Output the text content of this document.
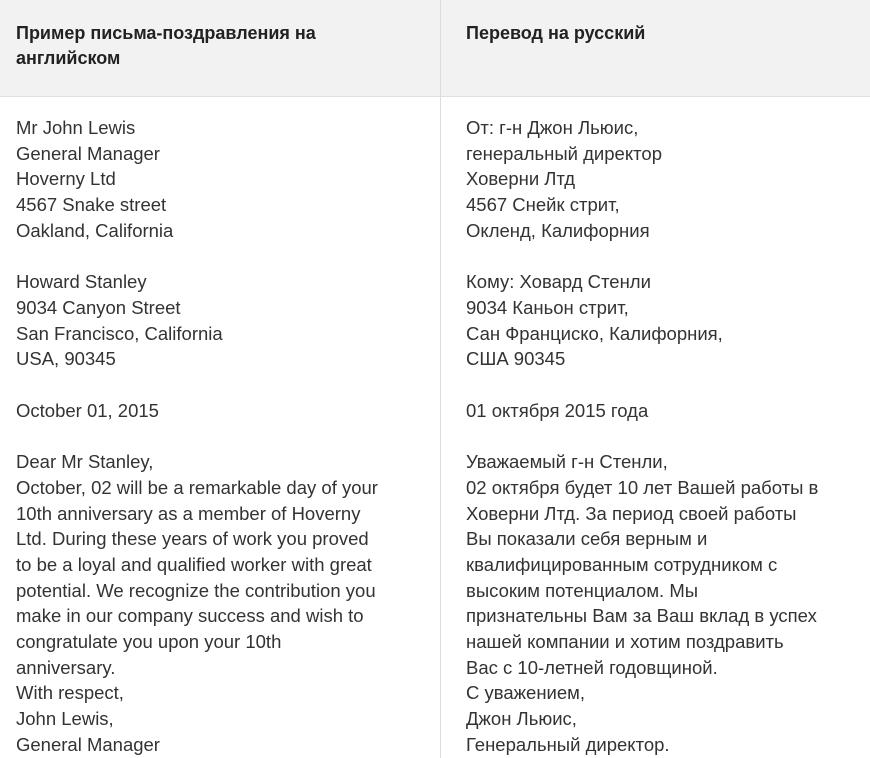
Пример письма-поздравления на английском
Перевод на русский
Mr John Lewis
General Manager
Hoverny Ltd
4567 Snake street
Oakland, California
Howard Stanley
9034 Canyon Street
San Francisco, California
USA, 90345
October 01, 2015
Dear Mr Stanley,
October, 02 will be a remarkable day of your
10th anniversary as a member of Hoverny
Ltd. During these years of work you proved
to be a loyal and qualified worker with great
potential. We recognize the contribution you
make in our company success and wish to
congratulate you upon your 10th
anniversary.
With respect,
John Lewis,
General Manager
От: г-н Джон Льюис,
генеральный директор
Ховерни Лтд
4567 Снейк стрит,
Окленд, Калифорния
Кому: Ховард Стенли
9034 Каньон стрит,
Сан Франциско, Калифорния,
США 90345
01 октября 2015 года
Уважаемый г-н Стенли,
02 октября будет 10 лет Вашей работы в
Ховерни Лтд. За период своей работы
Вы показали себя верным и
квалифицированным сотрудником с
высоким потенциалом. Мы
признательны Вам за Ваш вклад в успех
нашей компании и хотим поздравить
Вас с 10-летней годовщиной.
С уважением,
Джон Льюис,
Генеральный директор.
